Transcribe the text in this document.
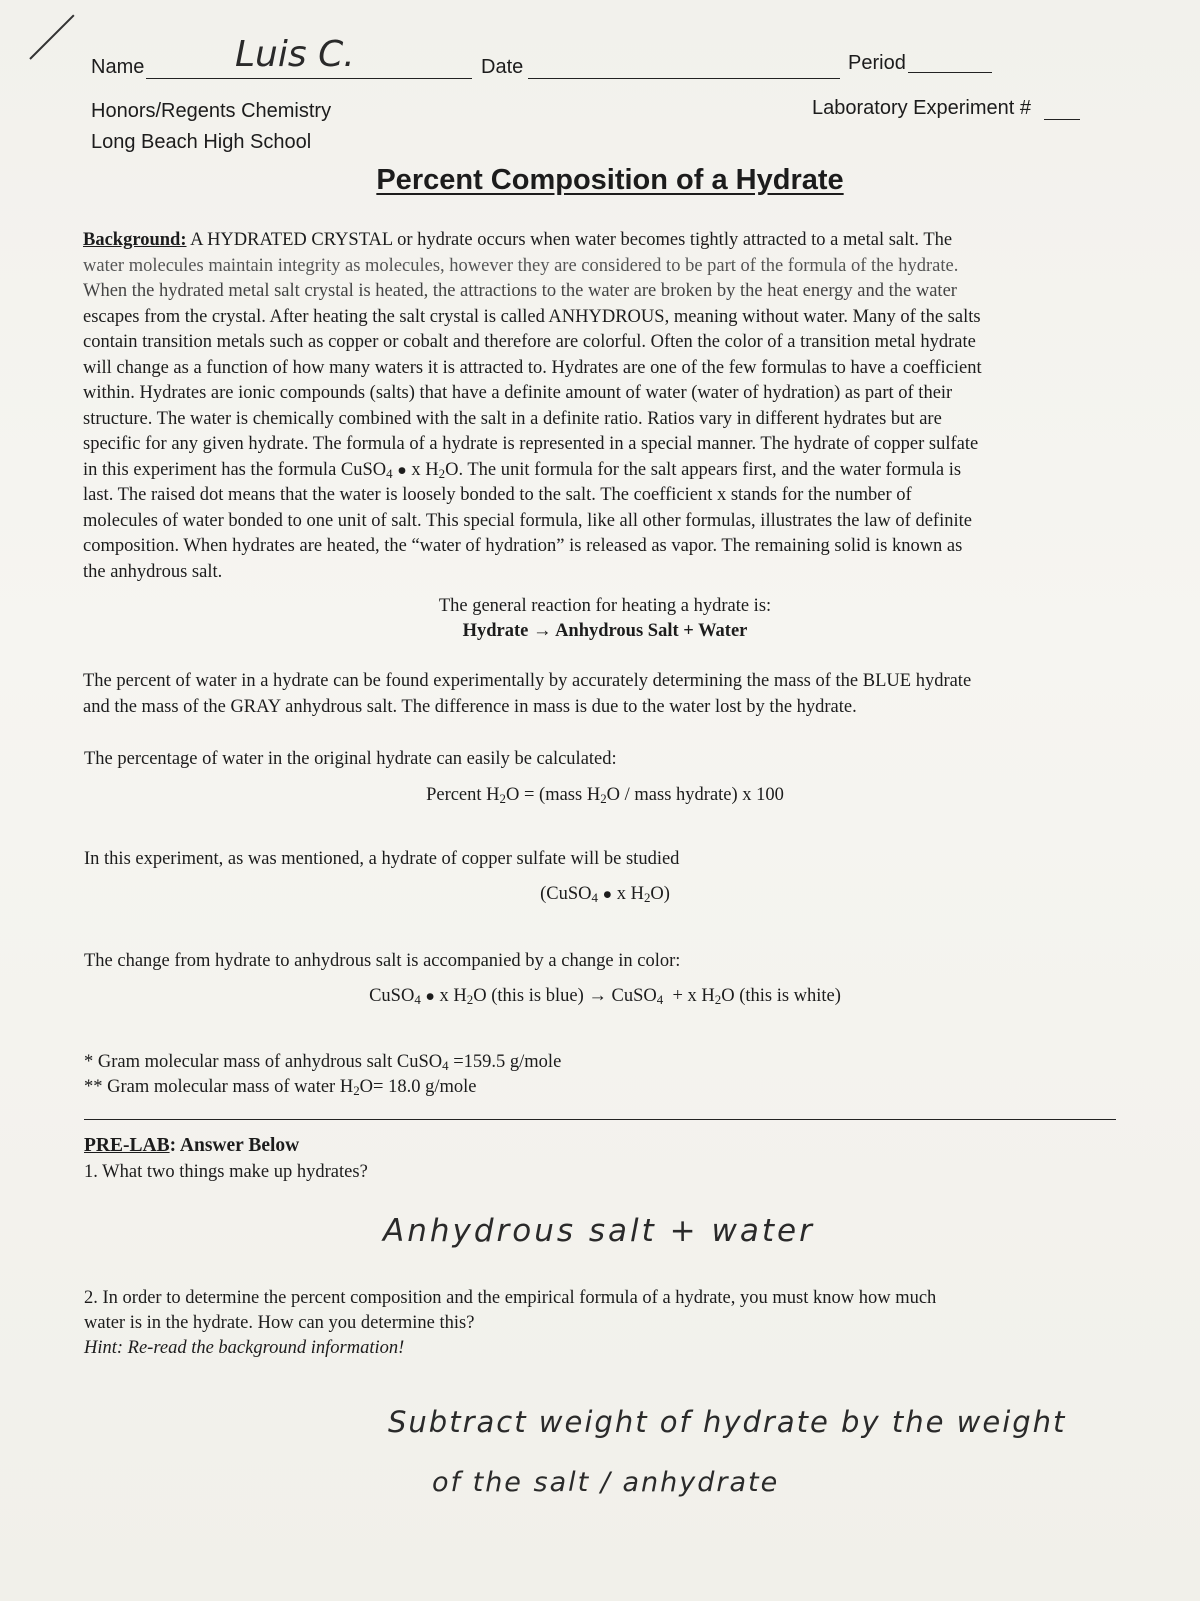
Name	Luis C.	Date	Period
Honors/Regents Chemistry
Long Beach High School
Laboratory Experiment #
Percent Composition of a Hydrate
Background: A HYDRATED CRYSTAL or hydrate occurs when water becomes tightly attracted to a metal salt. The
water molecules maintain integrity as molecules, however they are considered to be part of the formula of the hydrate.
When the hydrated metal salt crystal is heated, the attractions to the water are broken by the heat energy and the water
escapes from the crystal. After heating the salt crystal is called ANHYDROUS, meaning without water. Many of the salts
contain transition metals such as copper or cobalt and therefore are colorful. Often the color of a transition metal hydrate
will change as a function of how many waters it is attracted to. Hydrates are one of the few formulas to have a coefficient
within. Hydrates are ionic compounds (salts) that have a definite amount of water (water of hydration) as part of their
structure. The water is chemically combined with the salt in a definite ratio. Ratios vary in different hydrates but are
specific for any given hydrate. The formula of a hydrate is represented in a special manner. The hydrate of copper sulfate
in this experiment has the formula CuSO$_4$ ● x $H_2O$. The unit formula for the salt appears first, and the water formula is
last. The raised dot means that the water is loosely bonded to the salt. The coefficient x stands for the number of
molecules of water bonded to one unit of salt. This special formula, like all other formulas, illustrates the law of definite
composition. When hydrates are heated, the “water of hydration” is released as vapor. The remaining solid is known as
the anhydrous salt.
The general reaction for heating a hydrate is:
Hydrate → Anhydrous Salt + Water
The percent of water in a hydrate can be found experimentally by accurately determining the mass of the BLUE hydrate
and the mass of the GRAY anhydrous salt. The difference in mass is due to the water lost by the hydrate.
The percentage of water in the original hydrate can easily be calculated:
Percent $H_2O$ = (mass $H_2O$ / mass hydrate) x 100
In this experiment, as was mentioned, a hydrate of copper sulfate will be studied
(CuSO$_4$ ● x $H_2O$)
The change from hydrate to anhydrous salt is accompanied by a change in color:
CuSO$_4$ ● x $H_2O$ (this is blue) → CuSO$_4$ + x $H_2O$ (this is white)
* Gram molecular mass of anhydrous salt CuSO$_4$ =159.5 g/mole
** Gram molecular mass of water $H_2O= 18.0$ g/mole
PRE-LAB: Answer Below
1. What two things make up hydrates?
Anhydrous salt + water
2. In order to determine the percent composition and the empirical formula of a hydrate, you must know how much
water is in the hydrate. How can you determine this?
Hint: Re-read the background information!
Subtract weight of hydrate by the weight
of the salt / anhydrate
